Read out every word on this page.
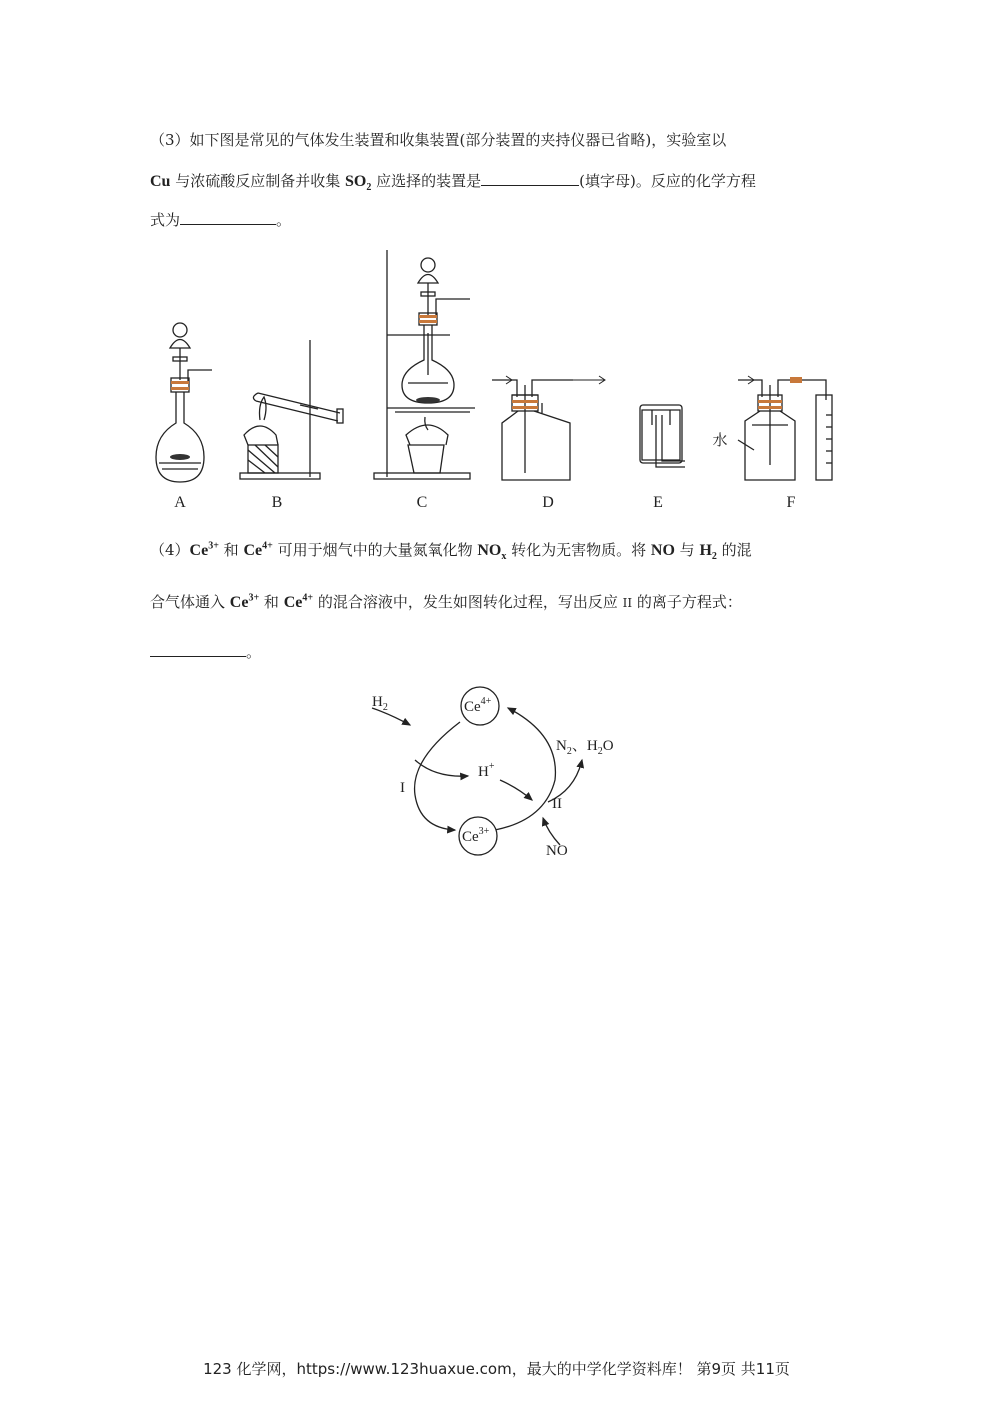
（3）如下图是常见的气体发生装置和收集装置(部分装置的夹持仪器已省略)，实验室以
Cu 与浓硫酸反应制备并收集 $SO_2$ 应选择的装置是	(填字母)。反应的化学方程
式为	。
A	B	C	D	E	F
水
$(4)Ce^{3+}$ 和 $Ce^{4+}$ 可用于烟气中的大量氮氧化物 $NO_x$ 转化为无害物质。将 NO 与 $H_2$ 的混
合气体通入 $Ce^{3+}$ 和 $Ce^{4+}$ 的混合溶液中，发生如图转化过程，写出反应 II 的离子方程式：
。
$H_2$	$Ce^{4+}$
$Ce^{3+}$
H+
$N_2$、$H_2O$
I
II
NO
123 化学网，https://www.123huaxue.com，最大的中学化学资料库！ 第9页 共11页
